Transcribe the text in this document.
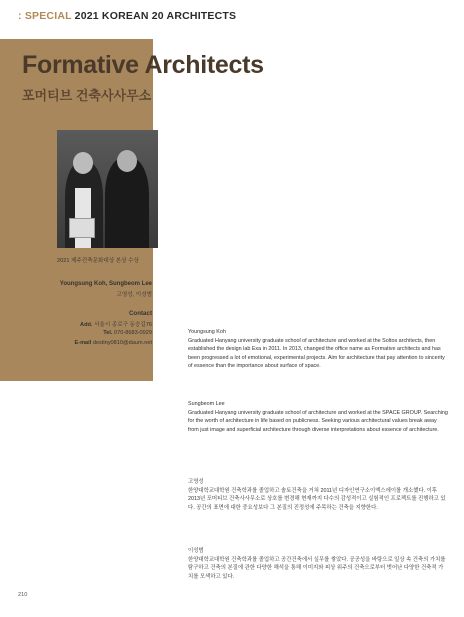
: SPECIAL 2021 KOREAN 20 ARCHITECTS
Formative Architects
포머티브 건축사사무소
2021 제주건축문화대상 본상 수상
Youngsung Koh, Sungbeom Lee
고영성, 이성범
Contact
Add. 서울시 종로구 동숭길76
Tel. 070-8683-0929
E-mail destiny0810@daum.net
Youngsung Koh

Graduated Hanyang university graduate school of architecture and worked at the Soltos architects, then established the design lab Exa in 2011. In 2013, changed the office name as Formative architects and has been progressed a lot of emotional, experimental projects. Aim for architecture that pay attention to sincerity of essence than the importance about surface of space.

Sungbeom Lee

Graduated Hanyang university graduate school of architecture and worked at the SPACE GROUP. Searching for the worth of architecture in life based on publicness. Seeking various architectural values break away from just image and superficial architecture through diverse interpretations about essence of architecture.

고영성

한양대학교대학원 건축학과를 졸업하고 솔토건축을 거쳐 2011년 디자인연구소이엑스에이를 개소했다. 이후 2013년 포머티브 건축사사무소로 상호를 변경해 현재까지 다수의 감성적이고 실험적인 프로젝트를 진행하고 있다. 공간의 표면에 대한 중요성보다 그 본질의 진정성에 주목하는 건축을 지향한다.

이성범

한양대학교대학원 건축학과를 졸업하고 공간건축에서 실무를 쌓았다. 공공성을 바탕으로 일상 속 건축의 가치를 탐구하고 건축의 본질에 관한 다양한 해석을 통해 이미지와 피상 위주의 건축으로부터 벗어난 다양한 건축적 가치를 모색하고 있다.

210
